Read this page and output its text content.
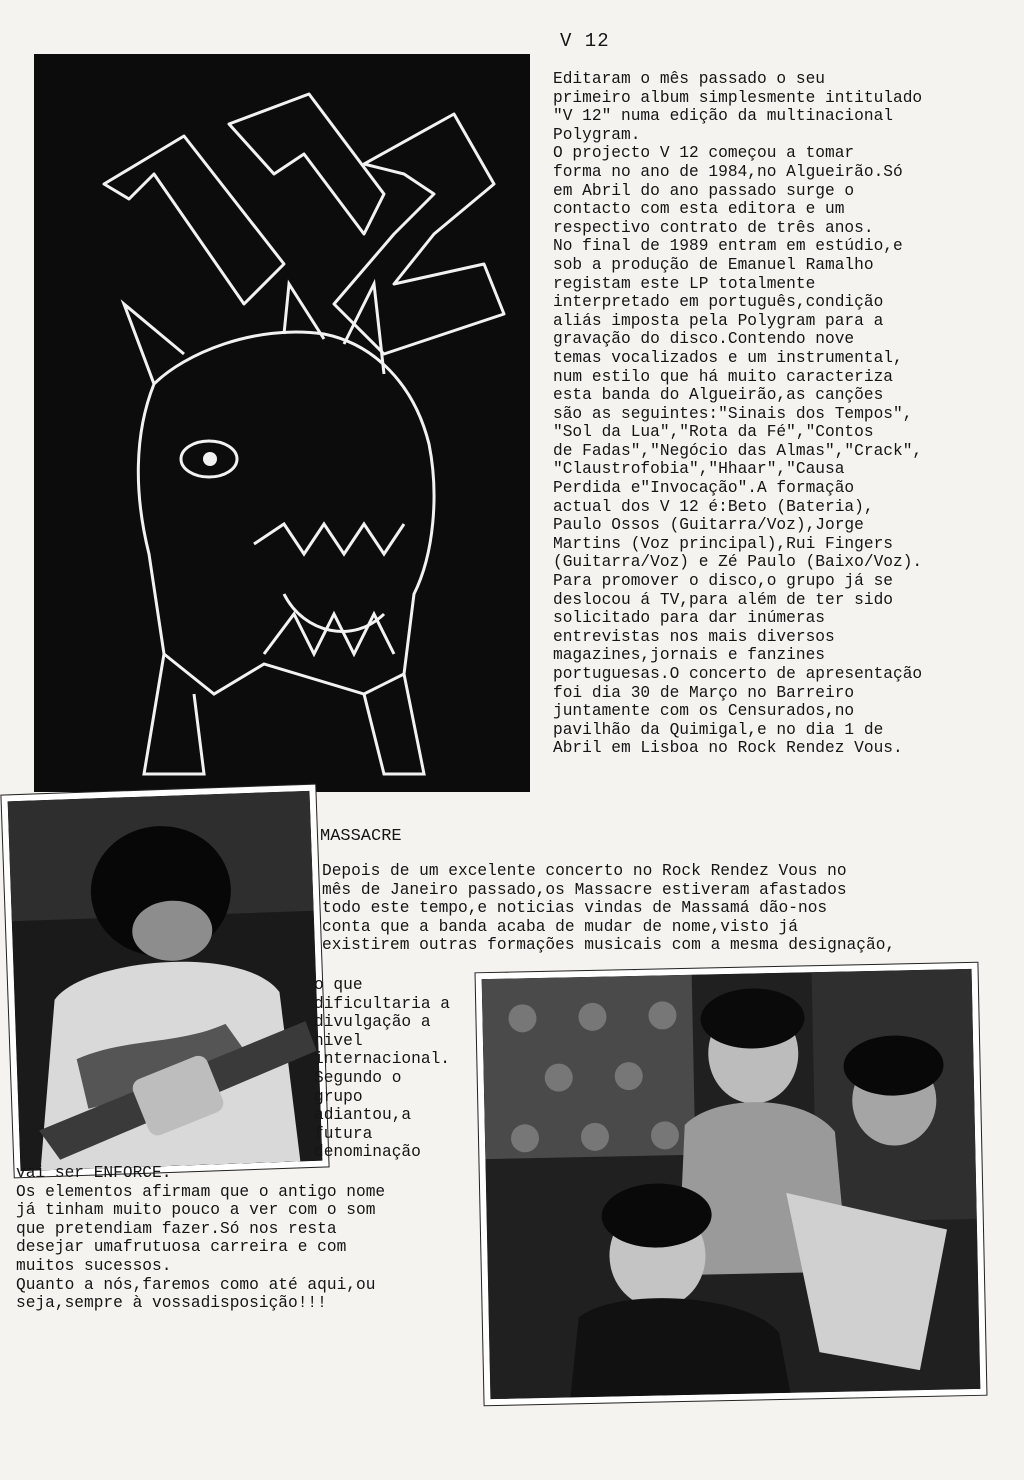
V 12
Editaram o mês passado o seu
primeiro album simplesmente intitulado
"V 12" numa edição da multinacional
Polygram.
O projecto V 12 começou a tomar
forma no ano de 1984,no Algueirão.Só
em Abril do ano passado surge o
contacto com esta editora e um
respectivo contrato de três anos.
No final de 1989 entram em estúdio,e
sob a produção de Emanuel Ramalho
registam este LP totalmente
interpretado em português,condição
aliás imposta pela Polygram para a
gravação do disco.Contendo nove
temas vocalizados e um instrumental,
num estilo que há muito caracteriza
esta banda do Algueirão,as canções
são as seguintes:"Sinais dos Tempos",
"Sol da Lua","Rota da Fé","Contos
de Fadas","Negócio das Almas","Crack",
"Claustrofobia","Hhaar","Causa
Perdida e"Invocação".A formação
actual dos V 12 é:Beto (Bateria),
Paulo Ossos (Guitarra/Voz),Jorge
Martins (Voz principal),Rui Fingers
(Guitarra/Voz) e Zé Paulo (Baixo/Voz).
Para promover o disco,o grupo já se
deslocou á TV,para além de ter sido
solicitado para dar inúmeras
entrevistas nos mais diversos
magazines,jornais e fanzines
portuguesas.O concerto de apresentação
foi dia 30 de Março no Barreiro
juntamente com os Censurados,no
pavilhão da Quimigal,e no dia 1 de
Abril em Lisboa no Rock Rendez Vous.
MASSACRE
Depois de um excelente concerto no Rock Rendez Vous no
mês de Janeiro passado,os Massacre estiveram afastados
todo este tempo,e noticias vindas de Massamá dão-nos
conta que a banda acaba de mudar de nome,visto já
existirem outras formações musicais com a mesma designação,
o que
dificultaria a
divulgação a
nivel
internacional.
Segundo o
grupo
adiantou,a
futura
denominação
vai ser ENFORCE.
Os elementos afirmam que o antigo nome
já tinham muito pouco a ver com o som
que pretendiam fazer.Só nos resta
desejar umafrutuosa carreira e com
muitos sucessos.
Quanto a nós,faremos como até aqui,ou
seja,sempre à vossadisposição!!!
